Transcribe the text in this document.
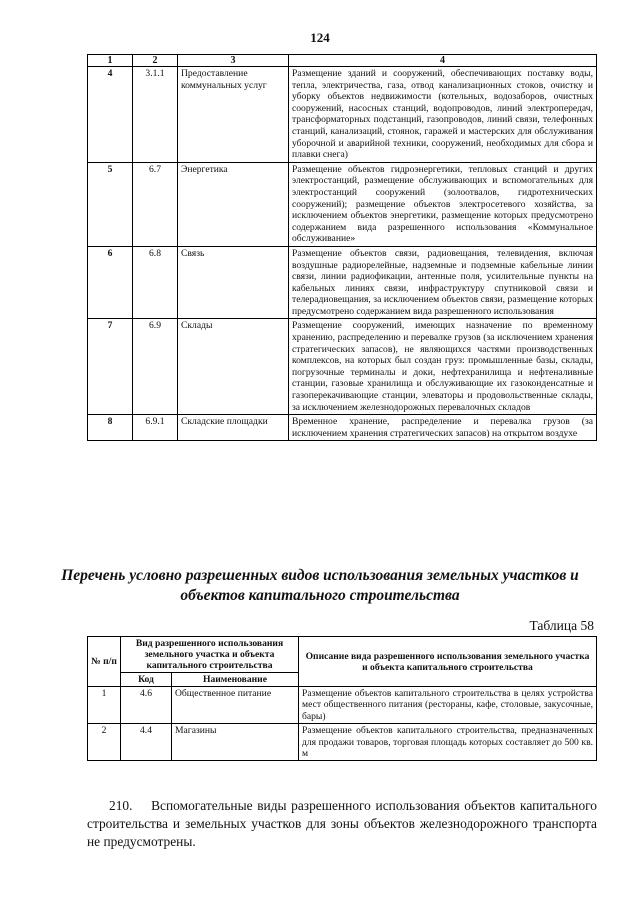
124
1	2	3	4
4	3.1.1	Предоставление коммунальных услуг	Размещение зданий и сооружений, обеспечивающих поставку воды, тепла, электричества, газа, отвод канализационных стоков, очистку и уборку объектов недвижимости (котельных, водозаборов, очистных сооружений, насосных станций, водопроводов, линий электропередач, трансформаторных подстанций, газопроводов, линий связи, телефонных станций, канализаций, стоянок, гаражей и мастерских для обслуживания уборочной и аварийной техники, сооружений, необходимых для сбора и плавки снега)
5	6.7	Энергетика	Размещение объектов гидроэнергетики, тепловых станций и других электростанций, размещение обслуживающих и вспомогательных для электростанций сооружений (золоотвалов, гидротехнических сооружений); размещение объектов электросетевого хозяйства, за исключением объектов энергетики, размещение которых предусмотрено содержанием вида разрешенного использования «Коммунальное обслуживание»
6	6.8	Связь	Размещение объектов связи, радиовещания, телевидения, включая воздушные радиорелейные, надземные и подземные кабельные линии связи, линии радиофикации, антенные поля, усилительные пункты на кабельных линиях связи, инфраструктуру спутниковой связи и телерадиовещания, за исключением объектов связи, размещение которых предусмотрено содержанием вида разрешенного использования
7	6.9	Склады	Размещение сооружений, имеющих назначение по временному хранению, распределению и перевалке грузов (за исключением хранения стратегических запасов), не являющихся частями производственных комплексов, на которых был создан груз: промышленные базы, склады, погрузочные терминалы и доки, нефтехранилища и нефтеналивные станции, газовые хранилища и обслуживающие их газоконденсатные и газоперекачивающие станции, элеваторы и продовольственные склады, за исключением железнодорожных перевалочных складов
8	6.9.1	Складские площадки	Временное хранение, распределение и перевалка грузов (за исключением хранения стратегических запасов) на открытом воздухе
Перечень условно разрешенных видов использования земельных участков и объектов капитального строительства
Таблица 58
№ п/п	Вид разрешенного использования земельного участка и объекта капитального строительства		Описание вида разрешенного использования земельного участка и объекта капитального строительства
	Код	Наименование	
1	4.6	Общественное питание	Размещение объектов капитального строительства в целях устройства мест общественного питания (рестораны, кафе, столовые, закусочные, бары)
2	4.4	Магазины	Размещение объектов капитального строительства, предназначенных для продажи товаров, торговая площадь которых составляет до 500 кв. м
210. Вспомогательные виды разрешенного использования объектов капитального строительства и земельных участков для зоны объектов железнодорожного транспорта не предусмотрены.
